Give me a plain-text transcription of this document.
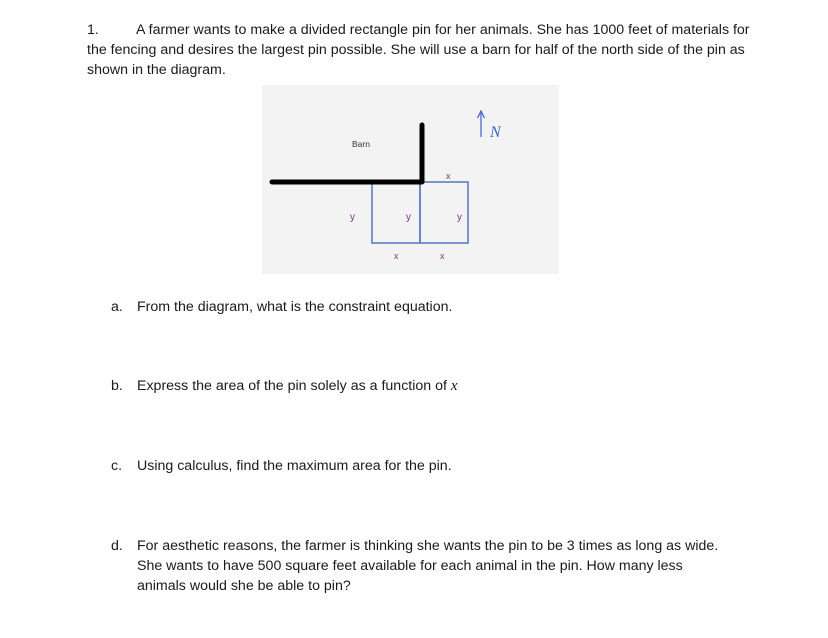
1.	A farmer wants to make a divided rectangle pin for her animals. She has 1000 feet of materials for the fencing and desires the largest pin possible. She will use a barn for half of the north side of the pin as shown in the diagram.
Barn
N
x
x	x
y	y	y
a. From the diagram, what is the constraint equation.
b. Express the area of the pin solely as a function of x
c. Using calculus, find the maximum area for the pin.
d. For aesthetic reasons, the farmer is thinking she wants the pin to be 3 times as long as wide. She wants to have 500 square feet available for each animal in the pin. How many less animals would she be able to pin?
